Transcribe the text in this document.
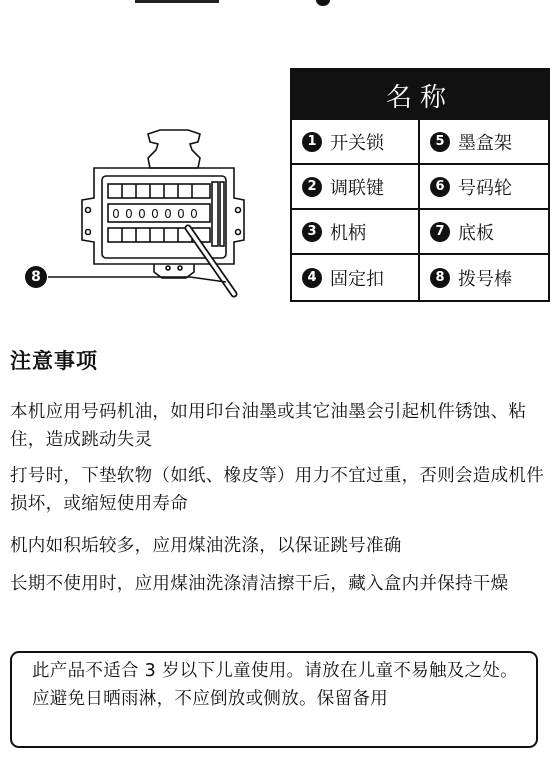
名称
1 开关锁	5 墨盒架
2 调联键	6 号码轮
3 机柄	7 底板
4 固定扣	8 拨号棒
0 0 0 0 0 0 0
8
注意事项
本机应用号码机油，如用印台油墨或其它油墨会引起机件锈蚀、粘住，造成跳动失灵
打号时，下垫软物（如纸、橡皮等）用力不宜过重，否则会造成机件损坏，或缩短使用寿命
机内如积垢较多，应用煤油洗涤，以保证跳号准确
长期不使用时，应用煤油洗涤清洁擦干后，藏入盒内并保持干燥
此产品不适合 3 岁以下儿童使用。请放在儿童不易触及之处。应避免日晒雨淋，不应倒放或侧放。保留备用
